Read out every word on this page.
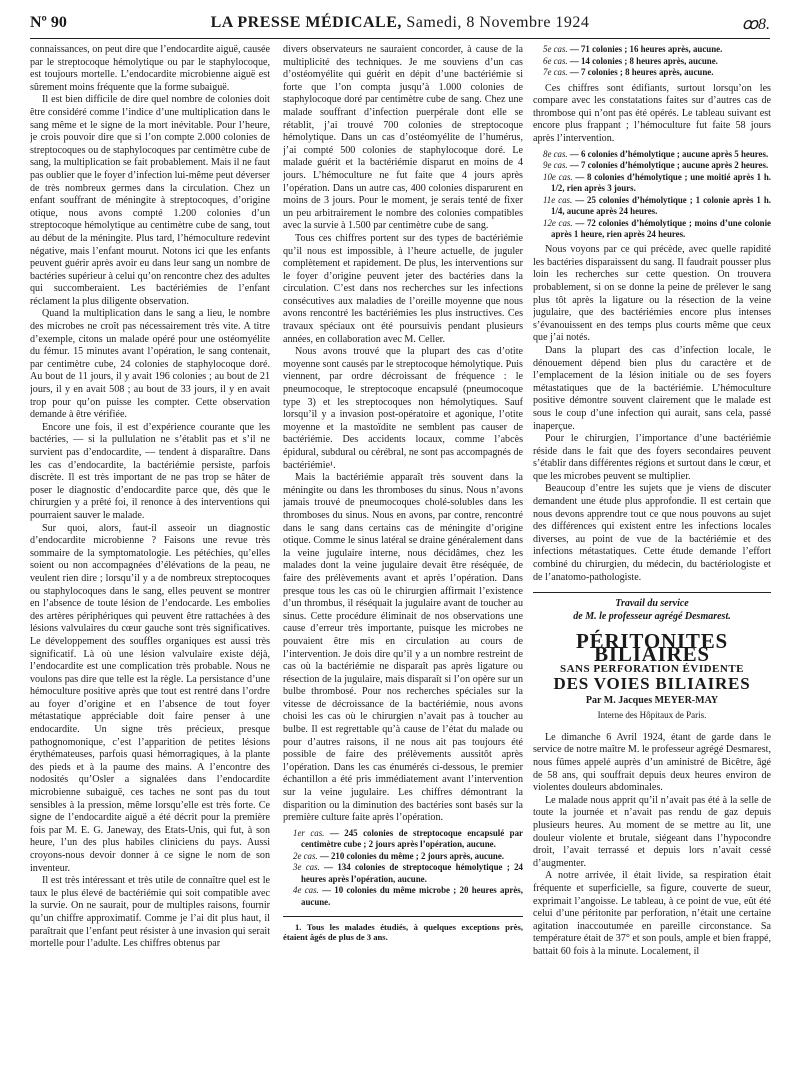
Nº 90	LA PRESSE MÉDICALE, Samedi, 8 Novembre 1924	ꝏ8.

connaissances, on peut dire que l’endocardite aiguë, causée par le streptocoque hémolytique ou par le staphylocoque, est toujours mortelle. L’endocardite microbienne aiguë est sûrement moins fréquente que la forme subaiguë.

Il est bien difficile de dire quel nombre de colonies doit être considéré comme l’indice d’une multiplication dans le sang même et le signe de la mort inévitable. Pour l’heure, je crois pouvoir dire que si l’on compte 2.000 colonies de streptocoques ou de staphylocoques par centimètre cube de sang, la multiplication se fait probablement. Mais il ne faut pas oublier que le foyer d’infection lui-même peut déverser de très nombreux germes dans la circulation. Chez un enfant souffrant de méningite à streptocoques, d’origine otique, nous avons compté 1.200 colonies d’un streptocoque hémolytique au centimètre cube de sang, tout au début de la méningite. Plus tard, l’hémoculture redevint négative, mais l’enfant mourut. Notons ici que les enfants peuvent guérir après avoir eu dans leur sang un nombre de bactéries supérieur à celui qu’on rencontre chez des adultes qui succomberaient. Les bactériémies de l’enfant réclament la plus diligente observation.

Quand la multiplication dans le sang a lieu, le nombre des microbes ne croît pas nécessairement très vite. A titre d’exemple, citons un malade opéré pour une ostéomyélite du fémur. 15 minutes avant l’opération, le sang contenait, par centimètre cube, 24 colonies de staphylocoque doré. Au bout de 11 jours, il y avait 196 colonies ; au bout de 21 jours, il y en avait 508 ; au bout de 33 jours, il y en avait trop pour qu’on puisse les compter. Cette observation demande à être vérifiée.

Encore une fois, il est d’expérience courante que les bactéries, — si la pullulation ne s’établit pas et s’il ne survient pas d’endocardite, — tendent à disparaître. Dans les cas d’endocardite, la bactériémie persiste, parfois discrète. Il est très important de ne pas trop se hâter de poser le diagnostic d’endocardite parce que, dès que le chirurgien y a prêté foi, il renonce à des interventions qui pourraient sauver le malade.

Sur quoi, alors, faut-il asseoir un diagnostic d’endocardite microbienne ? Faisons une revue très sommaire de la symptomatologie. Les pétéchies, qu’elles soient ou non accompagnées d’élévations de la peau, ne veulent rien dire ; lorsqu’il y a de nombreux streptocoques ou staphylocoques dans le sang, elles peuvent se montrer en l’absence de toute lésion de l’endocarde. Les embolies des artères périphériques qui peuvent être rattachées à des lésions valvulaires du cœur gauche sont très significatives. Le développement des souffles organiques est aussi très significatif. Là où une lésion valvulaire existe déjà, l’endocardite est une complication très probable. Nous ne voulons pas dire que telle est la règle. La persistance d’une hémoculture positive après que tout est rentré dans l’ordre au foyer d’origine et en l’absence de tout foyer métastatique appréciable doit faire penser à une endocardite. Un signe très précieux, presque pathognomonique, c’est l’apparition de petites lésions érythémateuses, parfois quasi hémorragiques, à la plante des pieds et à la paume des mains. A l’encontre des nodosités qu’Osler a signalées dans l’endocardite microbienne subaiguë, ces taches ne sont pas du tout sensibles à la pression, même lorsqu’elle est très forte. Ce signe de l’endocardite aiguë a été décrit pour la première fois par M. E. G. Janeway, des Etats-Unis, qui fut, à son heure, l’un des plus habiles cliniciens du pays. Aussi croyons-nous devoir donner à ce signe le nom de son inventeur.

Il est très intéressant et très utile de connaître quel est le taux le plus élevé de bactériémie qui soit compatible avec la survie. On ne saurait, pour de multiples raisons, fournir qu’un chiffre approximatif. Comme je l’ai dit plus haut, il paraîtrait que l’enfant peut résister à une invasion qui serait mortelle pour l’adulte. Les chiffres obtenus par

divers observateurs ne sauraient concorder, à cause de la multiplicité des techniques. Je me souviens d’un cas d’ostéomyélite qui guérit en dépit d’une bactériémie si forte que l’on compta jusqu’à 1.000 colonies de staphylocoque doré par centimètre cube de sang. Chez une malade souffrant d’infection puerpérale dont elle se rétablit, j’ai trouvé 700 colonies de streptocoque hémolytique. Dans un cas d’ostéomyélite de l’humérus, j’ai compté 500 colonies de staphylocoque doré. Le malade guérit et la bactériémie disparut en moins de 4 jours. L’hémoculture ne fut faite que 4 jours après l’opération. Dans un autre cas, 400 colonies disparurent en moins de 3 jours. Pour le moment, je serais tenté de fixer un peu arbitrairement le nombre des colonies compatibles avec la survie à 1.500 par centimètre cube de sang.

Tous ces chiffres portent sur des types de bactériémie qu’il nous est impossible, à l’heure actuelle, de juguler complètement et rapidement. De plus, les interventions sur le foyer d’origine peuvent jeter des bactéries dans la circulation. C’est dans nos recherches sur les infections consécutives aux maladies de l’oreille moyenne que nous avons rencontré les bactériémies les plus instructives. Ces travaux spéciaux ont été poursuivis pendant plusieurs années, en collaboration avec M. Celler.

Nous avons trouvé que la plupart des cas d’otite moyenne sont causés par le streptocoque hémolytique. Puis viennent, par ordre décroissant de fréquence : le pneumocoque, le streptocoque encapsulé (pneumocoque type 3) et les streptocoques non hémolytiques. Sauf lorsqu’il y a invasion post-opératoire et agonique, l’otite moyenne et la mastoïdite ne semblent pas causer de bactériémie. Des accidents locaux, comme l’abcès épidural, subdural ou cérébral, ne sont pas accompagnés de bactériémie¹.

Mais la bactériémie apparaît très souvent dans la méningite ou dans les thromboses du sinus. Nous n’avons jamais trouvé de pneumocoques cholé-solubles dans les thromboses du sinus. Nous en avons, par contre, rencontré dans le sang dans certains cas de méningite d’origine otique. Comme le sinus latéral se draine généralement dans la veine jugulaire interne, nous décidâmes, chez les malades dont la veine jugulaire devait être réséquée, de faire des prélèvements avant et après l’opération. Dans presque tous les cas où le chirurgien affirmait l’existence d’un thrombus, il réséquait la jugulaire avant de toucher au sinus. Cette procédure éliminait de nos observations une cause d’erreur très importante, puisque les microbes ne pouvaient être mis en circulation au cours de l’intervention. Je dois dire qu’il y a un nombre restreint de cas où la bactériémie ne disparaît pas après ligature ou résection de la jugulaire, mais disparaît si l’on opère sur un bulbe thrombosé. Pour nos recherches spéciales sur la vitesse de décroissance de la bactériémie, nous avons choisi les cas où le chirurgien n’avait pas à toucher au bulbe. Il est regrettable qu’à cause de l’état du malade ou pour d’autres raisons, il ne nous ait pas toujours été possible de faire des prélèvements aussitôt après l’opération. Dans les cas énumérés ci-dessous, le premier échantillon a été pris immédiatement avant l’intervention sur la veine jugulaire. Les chiffres démontrant la disparition ou la diminution des bactéries sont basés sur la première culture faite après l’opération.

1er cas. — 245 colonies de streptocoque encapsulé par centimètre cube ; 2 jours après l’opération, aucune.
2e cas. — 210 colonies du même ; 2 jours après, aucune.
3e cas. — 134 colonies de streptocoque hémolytique ; 24 heures après l’opération, aucune.
4e cas. — 10 colonies du même microbe ; 20 heures après, aucune.

1. Tous les malades étudiés, à quelques exceptions près, étaient âgés de plus de 3 ans.

5e cas. — 71 colonies ; 16 heures après, aucune.
6e cas. — 14 colonies ; 8 heures après, aucune.
7e cas. — 7 colonies ; 8 heures après, aucune.

Ces chiffres sont édifiants, surtout lorsqu’on les compare avec les constatations faites sur d’autres cas de thrombose qui n’ont pas été opérés. Le tableau suivant est encore plus frappant ; l’hémoculture fut faite 58 jours après l’intervention.

8e cas. — 6 colonies d’hémolytique ; aucune après 5 heures.
9e cas. — 7 colonies d’hémolytique ; aucune après 2 heures.
10e cas. — 8 colonies d’hémolytique ; une moitié après 1 h. 1/2, rien après 3 jours.
11e cas. — 25 colonies d’hémolytique ; 1 colonie après 1 h. 1/4, aucune après 24 heures.
12e cas. — 72 colonies d’hémolytique ; moins d’une colonie après 1 heure, rien après 24 heures.

Nous voyons par ce qui précède, avec quelle rapidité les bactéries disparaissent du sang. Il faudrait pousser plus loin les recherches sur cette question. On trouvera probablement, si on se donne la peine de prélever le sang plus tôt après la ligature ou la résection de la veine jugulaire, que des bactériémies encore plus intenses s’évanouissent en des temps plus courts même que ceux que j’ai notés.

Dans la plupart des cas d’infection locale, le dénouement dépend bien plus du caractère et de l’emplacement de la lésion initiale ou de ses foyers métastatiques que de la bactériémie. L’hémoculture positive démontre souvent clairement que le malade est sous le coup d’une infection qui aurait, sans cela, passé inaperçue.

Pour le chirurgien, l’importance d’une bactériémie réside dans le fait que des foyers secondaires peuvent s’établir dans différentes régions et surtout dans le cœur, et que les microbes peuvent se multiplier.

Beaucoup d’entre les sujets que je viens de discuter demandent une étude plus approfondie. Il est certain que nous devons apprendre tout ce que nous pouvons au sujet des différences qui existent entre les infections locales diverses, au point de vue de la bactériémie et des infections métastatiques. Cette étude demande l’effort combiné du chirurgien, du médecin, du bactériologiste et de l’anatomo-pathologiste.

Travail du service
de M. le professeur agrégé Desmarest.
PÉRITONITES BILIAIRES
SANS PERFORATION ÉVIDENTE
DES VOIES BILIAIRES
Par M. Jacques MEYER-MAY
Interne des Hôpitaux de Paris.

Le dimanche 6 Avril 1924, étant de garde dans le service de notre maître M. le professeur agrégé Desmarest, nous fûmes appelé auprès d’un aministré de Bicêtre, âgé de 58 ans, qui souffrait depuis deux heures environ de violentes douleurs abdominales.

Le malade nous apprit qu’il n’avait pas été à la selle de toute la journée et n’avait pas rendu de gaz depuis plusieurs heures. Au moment de se mettre au lit, une douleur violente et brutale, siégeant dans l’hypocondre droit, l’avait terrassé et depuis lors n’avait cessé d’augmenter.

A notre arrivée, il était livide, sa respiration était fréquente et superficielle, sa figure, couverte de sueur, exprimait l’angoisse. Le tableau, à ce point de vue, eût été celui d’une péritonite par perforation, n’était une certaine agitation inaccoutumée en pareille circonstance. Sa température était de 37° et son pouls, ample et bien frappé, battait 60 fois à la minute. Localement, il
